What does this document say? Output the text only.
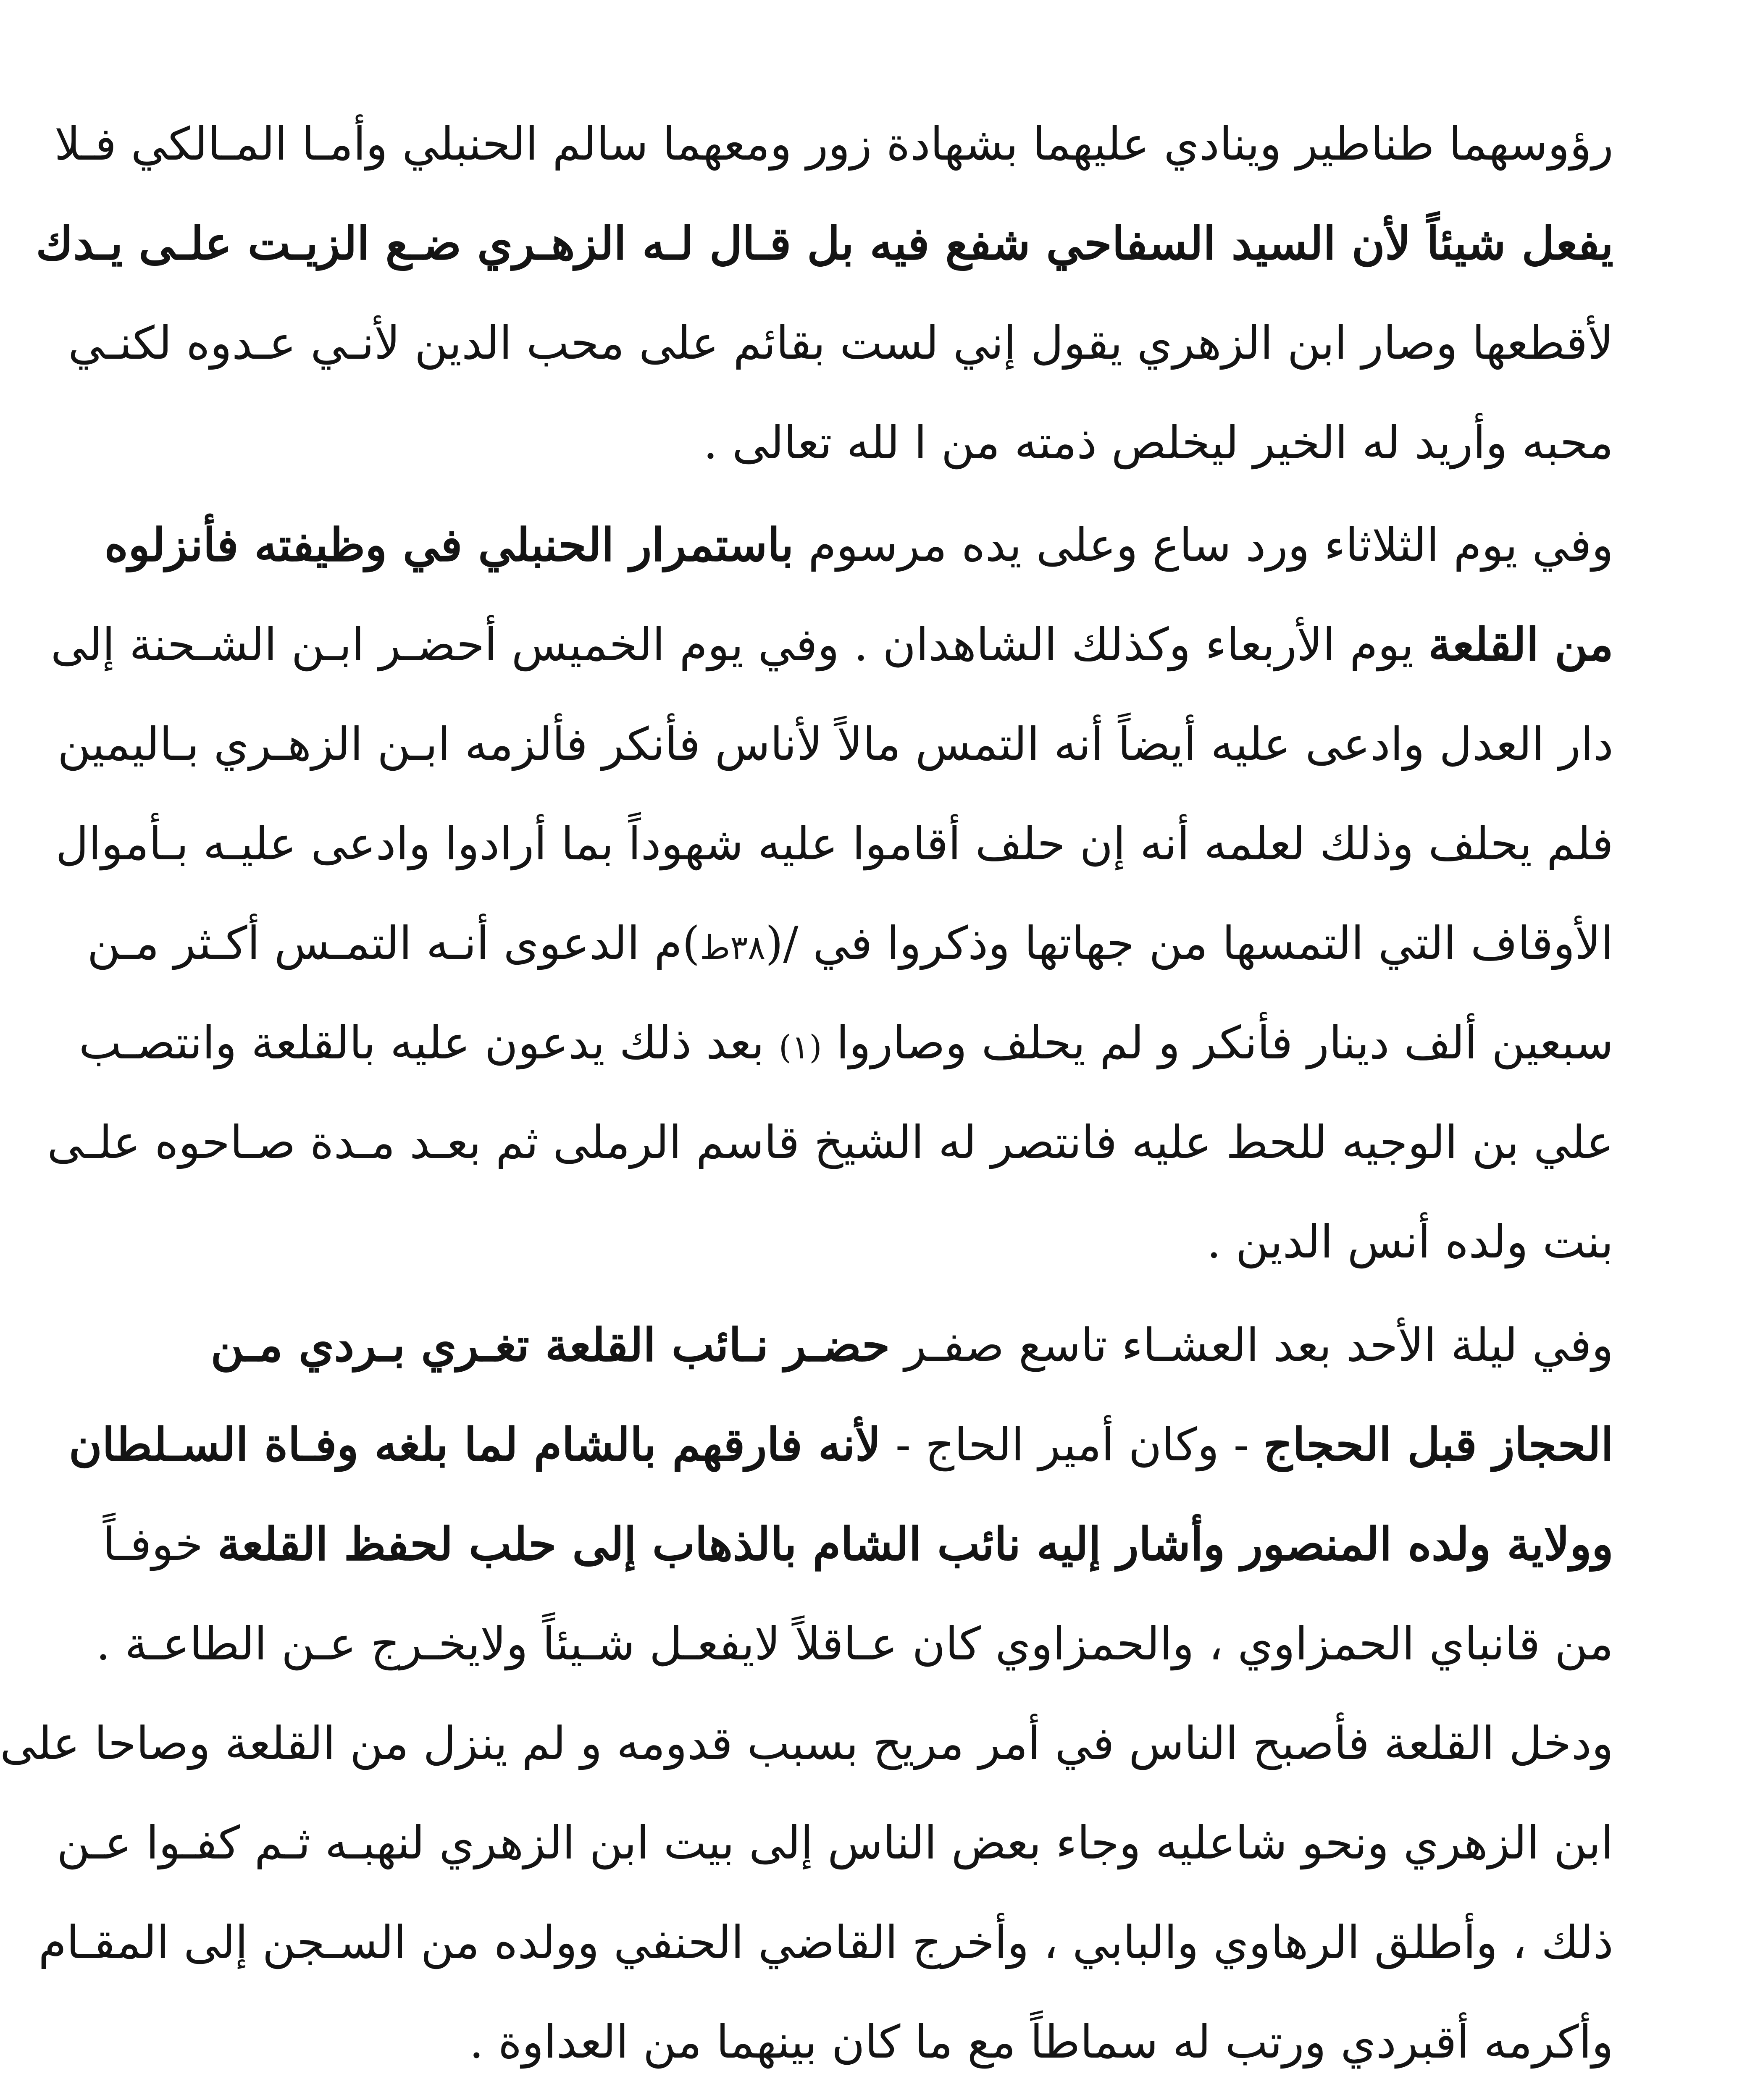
رؤوسهما طناطير وينادي عليهما بشهادة زور ومعهما سالم الحنبلي وأمـا المـالكي فـلا
يفعل شيئاً لأن السيد السفاحي شفع فيه بل قـال لـه الزهـري ضـع الزيـت علـى يـدك
لأقطعها وصار ابن الزهري يقول إني لست بقائم على محب الدين لأنـي عـدوه لكنـي
محبه وأريد له الخير ليخلص ذمته من ا لله تعالى .
وفي يوم الثلاثاء ورد ساع وعلى يده مرسوم باستمرار الحنبلي في وظيفته فأنزلوه
من القلعة يوم الأربعاء وكذلك الشاهدان . وفي يوم الخميس أحضـر ابـن الشـحنة إلى
دار العدل وادعى عليه أيضاً أنه التمس مالاً لأناس فأنكر فألزمه ابـن الزهـري بـاليمين
فلم يحلف وذلك لعلمه أنه إن حلف أقاموا عليه شهوداً بما أرادوا وادعى عليـه بـأموال
الأوقاف التي التمسها من جهاتها وذكروا في /(٣٨ط)م الدعوى أنـه التمـس أكـثر مـن
سبعين ألف دينار فأنكر و لم يحلف وصاروا (١) بعد ذلك يدعون عليه بالقلعة وانتصـب
علي بن الوجيه للحط عليه فانتصر له الشيخ قاسم الرملى ثم بعـد مـدة صـاحوه علـى
بنت ولده أنس الدين .
وفي ليلة الأحد بعد العشـاء تاسع صفـر حضـر نـائب القلعة تغـري بـردي مـن
الحجاز قبل الحجاج - وكان أمير الحاج - لأنه فارقهم بالشام لما بلغه وفـاة السـلطان
وولاية ولده المنصور وأشار إليه نائب الشام بالذهاب إلى حلب لحفظ القلعة خوفـاً
من قانباي الحمزاوي ، والحمزاوي كان عـاقلاً لايفعـل شـيئاً ولايخـرج عـن الطاعـة .
ودخل القلعة فأصبح الناس في أمر مريح بسبب قدومه و لم ينزل من القلعة وصاحا على
ابن الزهري ونحو شاعليه وجاء بعض الناس إلى بيت ابن الزهري لنهبـه ثـم كفـوا عـن
ذلك ، وأطلق الرهاوي والبابي ، وأخرج القاضي الحنفي وولده من السـجن إلى المقـام
وأكرمه أقبردي ورتب له سماطاً مع ما كان بينهما من العداوة .
